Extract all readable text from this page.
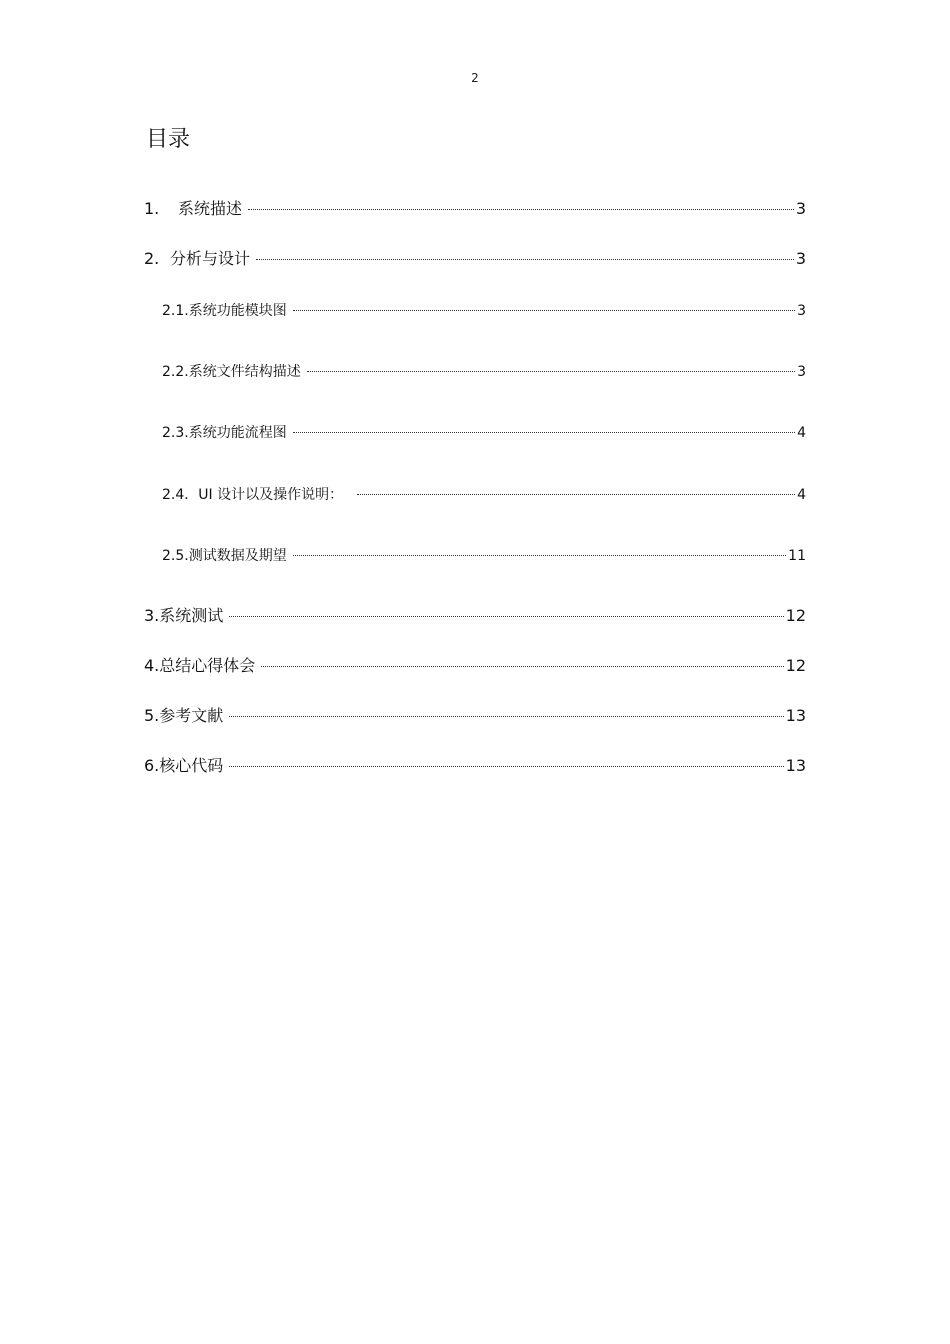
2
目录
1. 系统描述	3
2. 分析与设计	3
2.1.系统功能模块图	3
2.2.系统文件结构描述	3
2.3.系统功能流程图	4
2.4．UI 设计以及操作说明：	4
2.5.测试数据及期望	11
3.系统测试	12
4.总结心得体会	12
5.参考文献	13
6.核心代码	13
